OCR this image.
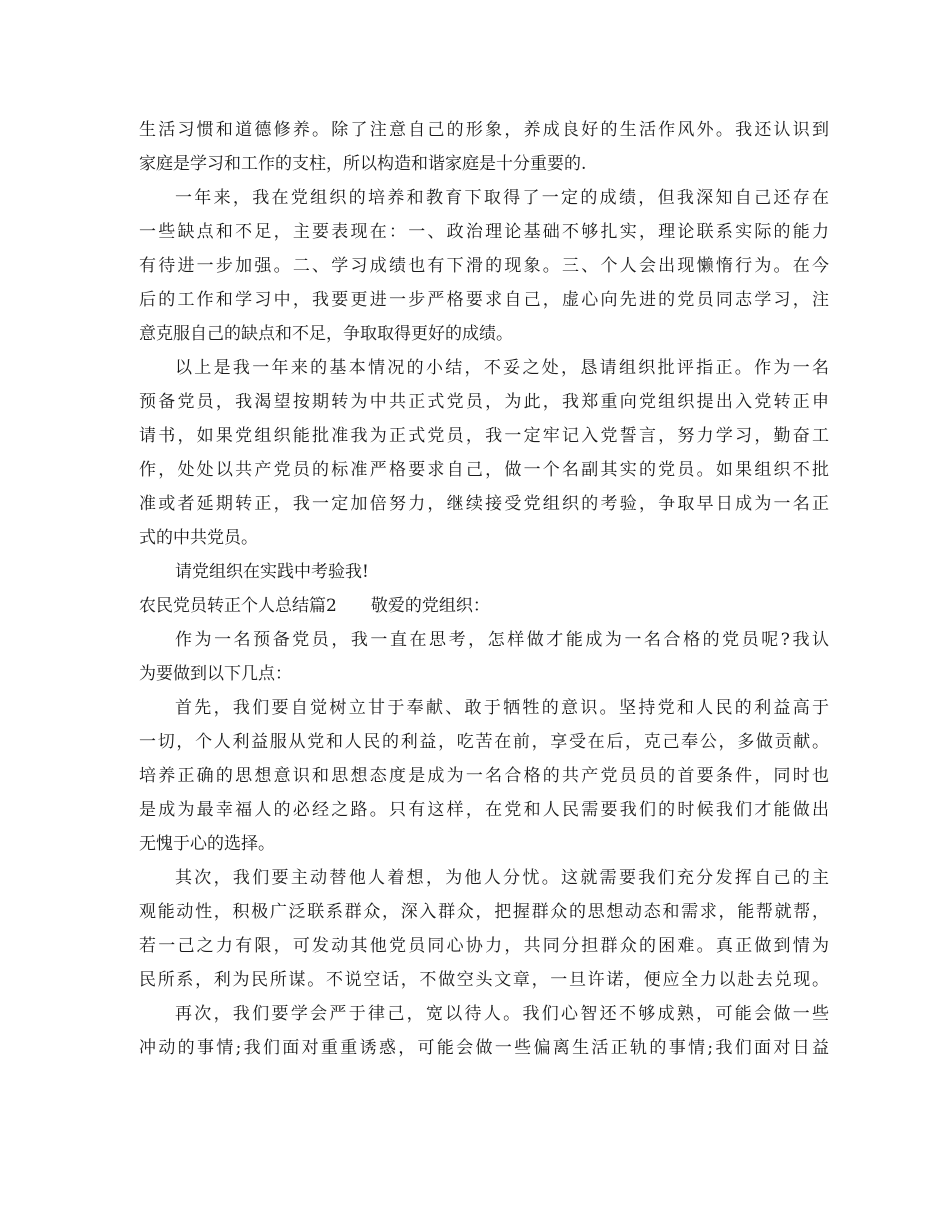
生活习惯和道德修养。除了注意自己的形象，养成良好的生活作风外。我还认识到
家庭是学习和工作的支柱，所以构造和谐家庭是十分重要的.
一年来，我在党组织的培养和教育下取得了一定的成绩，但我深知自己还存在
一些缺点和不足，主要表现在：一、政治理论基础不够扎实，理论联系实际的能力
有待进一步加强。二、学习成绩也有下滑的现象。三、个人会出现懒惰行为。在今
后的工作和学习中，我要更进一步严格要求自己，虚心向先进的党员同志学习，注
意克服自己的缺点和不足，争取取得更好的成绩。
以上是我一年来的基本情况的小结，不妥之处，恳请组织批评指正。作为一名
预备党员，我渴望按期转为中共正式党员，为此，我郑重向党组织提出入党转正申
请书，如果党组织能批准我为正式党员，我一定牢记入党誓言，努力学习，勤奋工
作，处处以共产党员的标准严格要求自己，做一个名副其实的党员。如果组织不批
准或者延期转正，我一定加倍努力，继续接受党组织的考验，争取早日成为一名正
式的中共党员。
请党组织在实践中考验我!
农民党员转正个人总结篇2　　敬爱的党组织：
作为一名预备党员，我一直在思考，怎样做才能成为一名合格的党员呢?我认
为要做到以下几点：
首先，我们要自觉树立甘于奉献、敢于牺牲的意识。坚持党和人民的利益高于
一切，个人利益服从党和人民的利益，吃苦在前，享受在后，克己奉公，多做贡献。
培养正确的思想意识和思想态度是成为一名合格的共产党员员的首要条件，同时也
是成为最幸福人的必经之路。只有这样，在党和人民需要我们的时候我们才能做出
无愧于心的选择。
其次，我们要主动替他人着想，为他人分忧。这就需要我们充分发挥自己的主
观能动性，积极广泛联系群众，深入群众，把握群众的思想动态和需求，能帮就帮，
若一己之力有限，可发动其他党员同心协力，共同分担群众的困难。真正做到情为
民所系，利为民所谋。不说空话，不做空头文章，一旦许诺，便应全力以赴去兑现。
再次，我们要学会严于律己，宽以待人。我们心智还不够成熟，可能会做一些
冲动的事情;我们面对重重诱惑，可能会做一些偏离生活正轨的事情;我们面对日益
